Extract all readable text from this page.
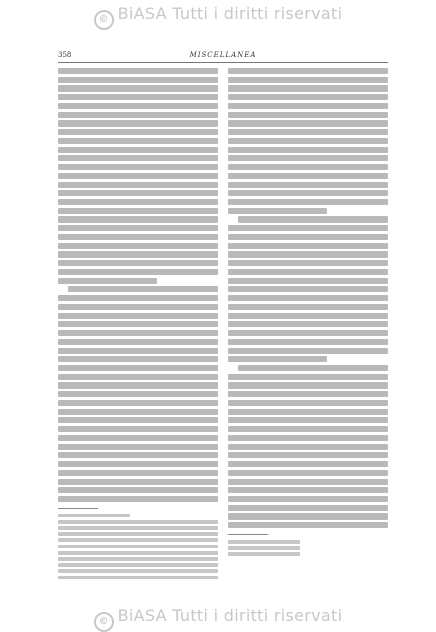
© BiASA Tutti i diritti riservati
358	MISCELLANEA
© BiASA Tutti i diritti riservati
